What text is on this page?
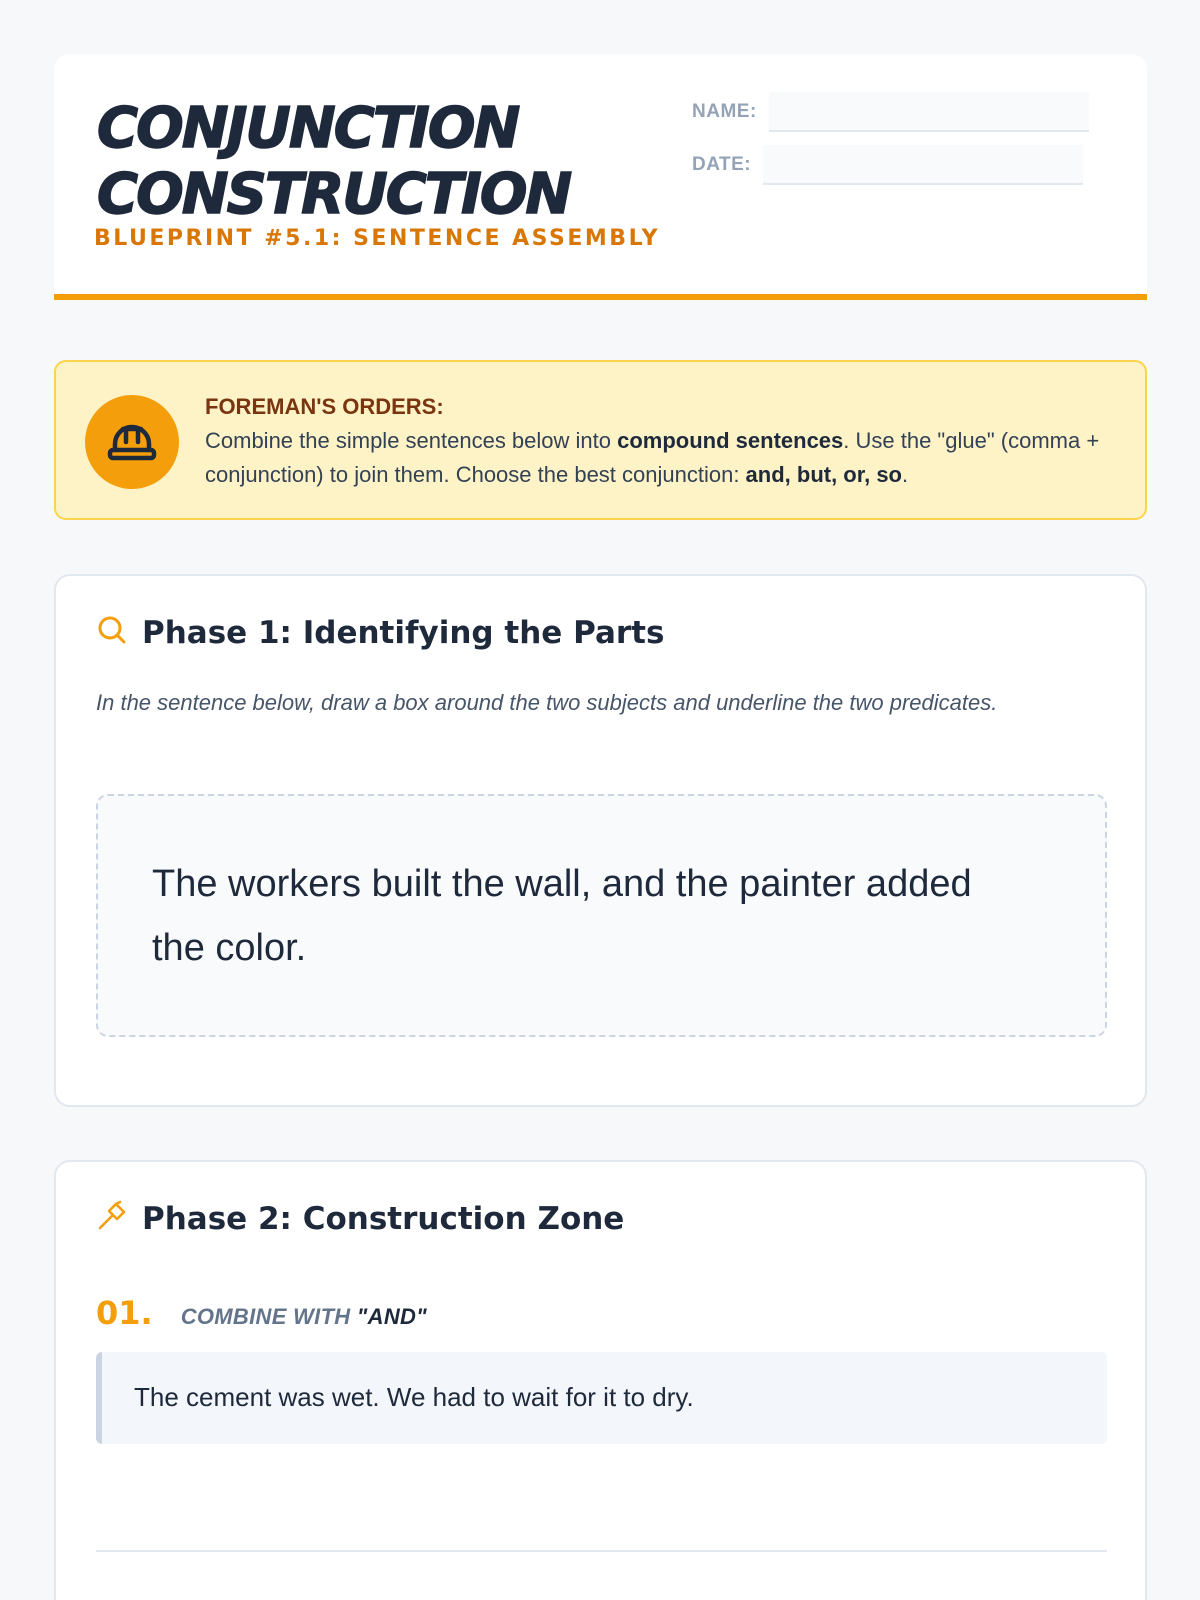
CONJUNCTION
CONSTRUCTION
BLUEPRINT #5.1: SENTENCE ASSEMBLY
NAME:
DATE:
FOREMAN'S ORDERS:
Combine the simple sentences below into compound sentences. Use the "glue" (comma + conjunction) to join them. Choose the best conjunction: and, but, or, so.
Phase 1: Identifying the Parts
In the sentence below, draw a box around the two subjects and underline the two predicates.
The workers built the wall, and the painter added the color.
Phase 2: Construction Zone
01. COMBINE WITH "AND"
The cement was wet. We had to wait for it to dry.
